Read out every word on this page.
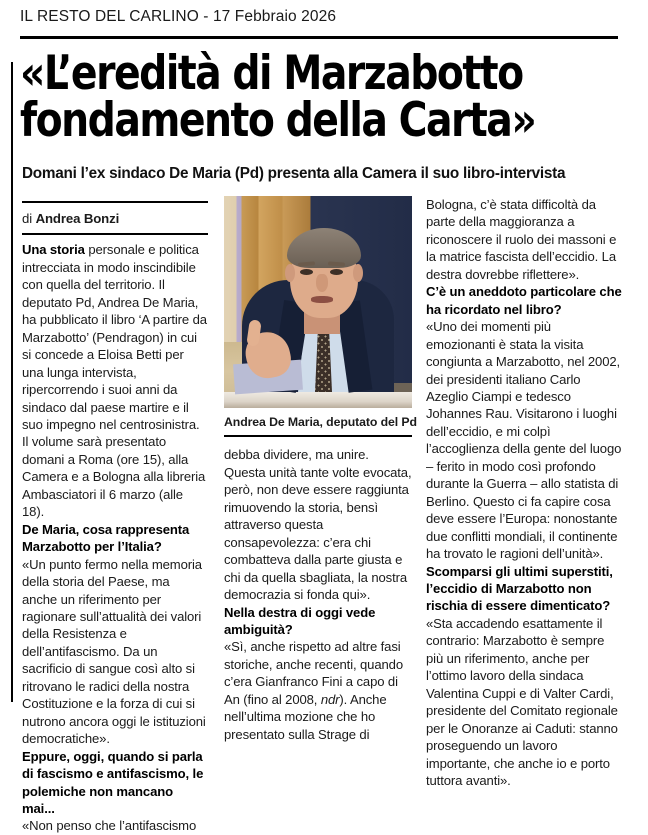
IL RESTO DEL CARLINO - 17 Febbraio 2026
«L’eredità di Marzabotto
fondamento della Carta»
Domani l’ex sindaco De Maria (Pd) presenta alla Camera il suo libro-intervista
di Andrea Bonzi

Una storia personale e politica intrecciata in modo inscindibile con quella del territorio. Il deputato Pd, Andrea De Maria, ha pubblicato il libro ‘A partire da Marzabotto’ (Pendragon) in cui si concede a Eloisa Betti per una lunga intervista, ripercorrendo i suoi anni da sindaco dal paese martire e il suo impegno nel centrosinistra. Il volume sarà presentato domani a Roma (ore 15), alla Camera e a Bologna alla libreria Ambasciatori il 6 marzo (alle 18).

De Maria, cosa rappresenta Marzabotto per l’Italia?

«Un punto fermo nella memoria della storia del Paese, ma anche un riferimento per ragionare sull’attualità dei valori della Resistenza e dell’antifascismo. Da un sacrificio di sangue così alto si ritrovano le radici della nostra Costituzione e la forza di cui si nutrono ancora oggi le istituzioni democratiche».

Eppure, oggi, quando si parla di fascismo e antifascismo, le polemiche non mancano mai...

«Non penso che l’antifascismo

Andrea De Maria, deputato del Pd

debba dividere, ma unire. Questa unità tante volte evocata, però, non deve essere raggiunta rimuovendo la storia, bensì attraverso questa consapevolezza: c’era chi combatteva dalla parte giusta e chi da quella sbagliata, la nostra democrazia si fonda qui».

Nella destra di oggi vede ambiguità?

«Sì, anche rispetto ad altre fasi storiche, anche recenti, quando c’era Gianfranco Fini a capo di An (fino al 2008, ndr). Anche nell’ultima mozione che ho presentato sulla Strage di

Bologna, c’è stata difficoltà da parte della maggioranza a riconoscere il ruolo dei massoni e la matrice fascista dell’eccidio. La destra dovrebbe riflettere».

C’è un aneddoto particolare che ha ricordato nel libro?

«Uno dei momenti più emozionanti è stata la visita congiunta a Marzabotto, nel 2002, dei presidenti italiano Carlo Azeglio Ciampi e tedesco Johannes Rau. Visitarono i luoghi dell’eccidio, e mi colpì l’accoglienza della gente del luogo – ferito in modo così profondo durante la Guerra – allo statista di Berlino. Questo ci fa capire cosa deve essere l’Europa: nonostante due conflitti mondiali, il continente ha trovato le ragioni dell’unità».

Scomparsi gli ultimi superstiti, l’eccidio di Marzabotto non rischia di essere dimenticato?

«Sta accadendo esattamente il contrario: Marzabotto è sempre più un riferimento, anche per l’ottimo lavoro della sindaca Valentina Cuppi e di Valter Cardi, presidente del Comitato regionale per le Onoranze ai Caduti: stanno proseguendo un lavoro importante, che anche io e porto tuttora avanti».
